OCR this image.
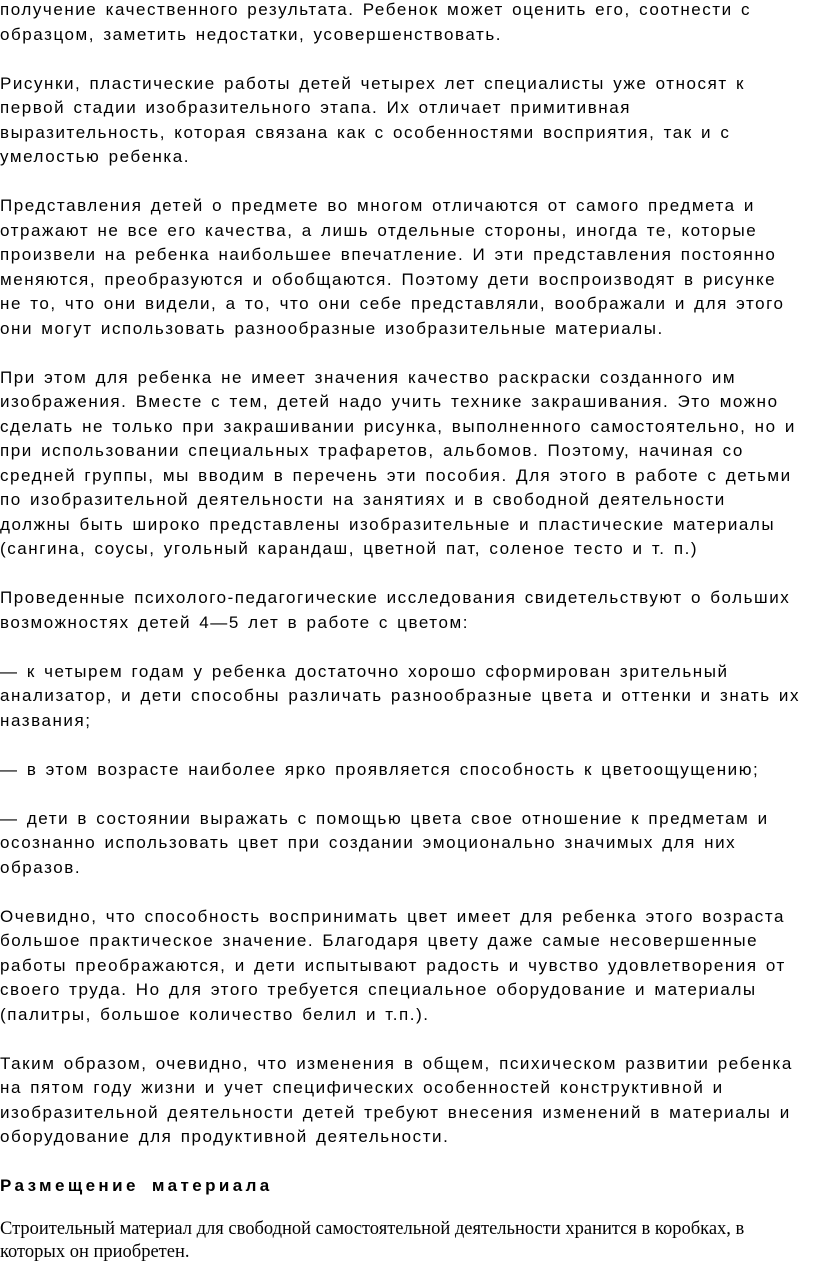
получение качественного результата. Ребенок может оценить его, соотнести с образцом, заметить недостатки, усовершенствовать.

Рисунки, пластические работы детей четырех лет специалисты уже относят к первой стадии изобразительного этапа. Их отличает примитивная выразительность, которая связана как с особенностями восприятия, так и с умелостью ребенка.

Представления детей о предмете во многом отличаются от самого предмета и отражают не все его качества, а лишь отдельные стороны, иногда те, которые произвели на ребенка наибольшее впечатление. И эти представления постоянно меняются, преобразуются и обобщаются. Поэтому дети воспроизводят в рисунке не то, что они видели, а то, что они себе представляли, воображали и для этого они могут использовать разнообразные изобразительные материалы.

При этом для ребенка не имеет значения качество раскраски созданного им изображения. Вместе с тем, детей надо учить технике закрашивания. Это можно сделать не только при закрашивании рисунка, выполненного самостоятельно, но и при использовании специальных трафаретов, альбомов. Поэтому, начиная со средней группы, мы вводим в перечень эти пособия. Для этого в работе с детьми по изобразительной деятельности на занятиях и в свободной деятельности должны быть широко представлены изобразительные и пластические материалы (сангина, соусы, угольный карандаш, цветной пат, соленое тесто и т. п.)

Проведенные психолого-педагогические исследования свидетельствуют о больших возможностях детей 4—5 лет в работе с цветом:

— к четырем годам у ребенка достаточно хорошо сформирован зрительный анализатор, и дети способны различать разнообразные цвета и оттенки и знать их названия;

— в этом возрасте наиболее ярко проявляется способность к цветоощущению;

— дети в состоянии выражать с помощью цвета свое отношение к предметам и осознанно использовать цвет при создании эмоционально значимых для них образов.

Очевидно, что способность воспринимать цвет имеет для ребенка этого возраста большое практическое значение. Благодаря цвету даже самые несовершенные работы преображаются, и дети испытывают радость и чувство удовлетворения от своего труда. Но для этого требуется специальное оборудование и материалы (палитры, большое количество белил и т.п.).

Таким образом, очевидно, что изменения в общем, психическом развитии ребенка на пятом году жизни и учет специфических особенностей конструктивной и изобразительной деятельности детей требуют внесения изменений в материалы и оборудование для продуктивной деятельности.

Размещение материала

Строительный материал для свободной самостоятельной деятельности хранится в коробках, в которых он приобретен.
